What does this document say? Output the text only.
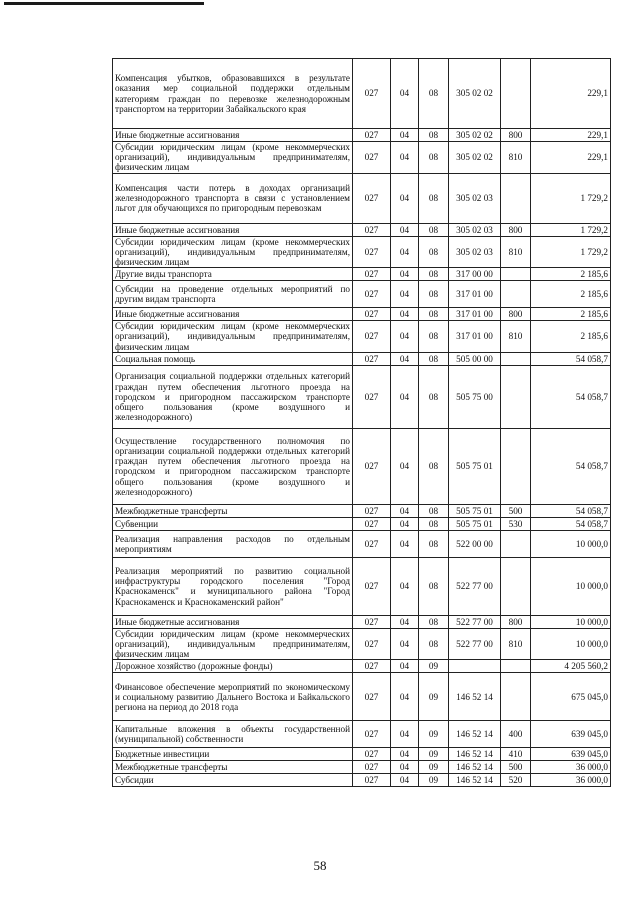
Компенсация убытков, образовавшихся в результате оказания мер социальной поддержки отдельным категориям граждан по перевозке железнодорожным транспортом на территории Забайкальского края	027	04	08	305 02 02		229,1
Иные бюджетные ассигнования	027	04	08	305 02 02	800	229,1
Субсидии юридическим лицам (кроме некоммерческих организаций), индивидуальным предпринимателям, физическим лицам	027	04	08	305 02 02	810	229,1
Компенсация части потерь в доходах организаций железнодорожного транспорта в связи с установлением льгот для обучающихся по пригородным перевозкам	027	04	08	305 02 03		1 729,2
Иные бюджетные ассигнования	027	04	08	305 02 03	800	1 729,2
Субсидии юридическим лицам (кроме некоммерческих организаций), индивидуальным предпринимателям, физическим лицам	027	04	08	305 02 03	810	1 729,2
Другие виды транспорта	027	04	08	317 00 00		2 185,6
Субсидии на проведение отдельных мероприятий по другим видам транспорта	027	04	08	317 01 00		2 185,6
Иные бюджетные ассигнования	027	04	08	317 01 00	800	2 185,6
Субсидии юридическим лицам (кроме некоммерческих организаций), индивидуальным предпринимателям, физическим лицам	027	04	08	317 01 00	810	2 185,6
Социальная помощь	027	04	08	505 00 00		54 058,7
Организация социальной поддержки отдельных категорий граждан путем обеспечения льготного проезда на городском и пригородном пассажирском транспорте общего пользования (кроме воздушного и железнодорожного)	027	04	08	505 75 00		54 058,7
Осуществление государственного полномочия по организации социальной поддержки отдельных категорий граждан путем обеспечения льготного проезда на городском и пригородном пассажирском транспорте общего пользования (кроме воздушного и железнодорожного)	027	04	08	505 75 01		54 058,7
Межбюджетные трансферты	027	04	08	505 75 01	500	54 058,7
Субвенции	027	04	08	505 75 01	530	54 058,7
Реализация направления расходов по отдельным мероприятиям	027	04	08	522 00 00		10 000,0
Реализация мероприятий по развитию социальной инфраструктуры городского поселения "Город Краснокаменск" и муниципального района "Город Краснокаменск и Краснокаменский район"	027	04	08	522 77 00		10 000,0
Иные бюджетные ассигнования	027	04	08	522 77 00	800	10 000,0
Субсидии юридическим лицам (кроме некоммерческих организаций), индивидуальным предпринимателям, физическим лицам	027	04	08	522 77 00	810	10 000,0
Дорожное хозяйство (дорожные фонды)	027	04	09			4 205 560,2
Финансовое обеспечение мероприятий по экономическому и социальному развитию Дальнего Востока и Байкальского региона на период до 2018 года	027	04	09	146 52 14		675 045,0
Капитальные вложения в объекты государственной (муниципальной) собственности	027	04	09	146 52 14	400	639 045,0
Бюджетные инвестиции	027	04	09	146 52 14	410	639 045,0
Межбюджетные трансферты	027	04	09	146 52 14	500	36 000,0
Субсидии	027	04	09	146 52 14	520	36 000,0
58
